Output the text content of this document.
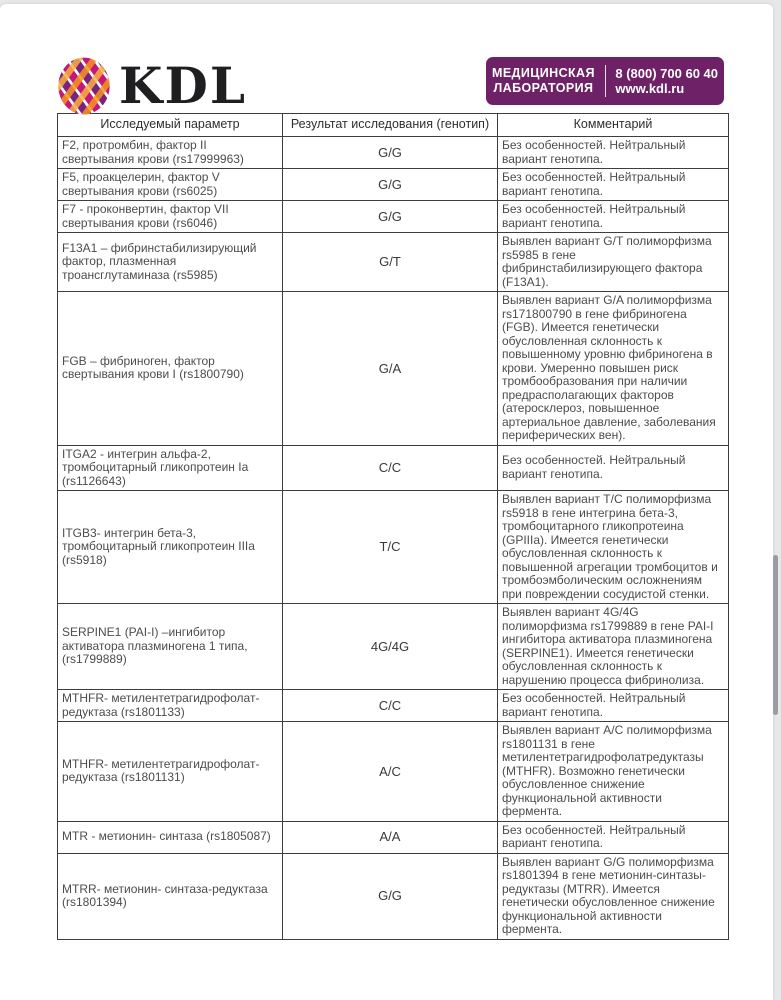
KDL	МЕДИЦИНСКАЯ
ЛАБОРАТОРИЯ
8 (800) 700 60 40
www.kdl.ru
Исследуемый параметр	Результат исследования (генотип)	Комментарий
F2, протромбин, фактор II свертывания крови (rs17999963)	G/G	Без особенностей. Нейтральный вариант генотипа.
F5, проакцелерин, фактор V свертывания крови (rs6025)	G/G	Без особенностей. Нейтральный вариант генотипа.
F7 - проконвертин, фактор VII свертывания крови (rs6046)	G/G	Без особенностей. Нейтральный вариант генотипа.
F13A1 – фибринстабилизирующий фактор, плазменная троансглутаминаза (rs5985)	G/T	Выявлен вариант G/T полиморфизма rs5985 в гене фибринстабилизирующего фактора (F13A1).
FGB – фибриноген, фактор свертывания крови I (rs1800790)	G/A	Выявлен вариант G/A полиморфизма rs171800790 в гене фибриногена (FGB). Имеется генетически обусловленная склонность к повышенному уровню фибриногена в крови. Умеренно повышен риск тромбообразования при наличии предрасполагающих факторов (атеросклероз, повышенное артериальное давление, заболевания периферических вен).
ITGA2 - интегрин альфа-2, тромбоцитарный гликопротеин Ia (rs1126643)	C/C	Без особенностей. Нейтральный вариант генотипа.
ITGB3- интегрин бета-3, тромбоцитарный гликопротеин IIIa (rs5918)	T/C	Выявлен вариант T/C полиморфизма rs5918 в гене интегрина бета-3, тромбоцитарного гликопротеина (GPIIIa). Имеется генетически обусловленная склонность к повышенной агрегации тромбоцитов и тромбоэмболическим осложнениям при повреждении сосудистой стенки.
SERPINE1 (PAI-I) –ингибитор активатора плазминогена 1 типа, (rs1799889)	4G/4G	Выявлен вариант 4G/4G полиморфизма rs1799889 в гене PAI-I ингибитора активатора плазминогена (SERPINE1). Имеется генетически обусловленная склонность к нарушению процесса фибринолиза.
MTHFR- метилентетрагидрофолат-редуктаза (rs1801133)	C/C	Без особенностей. Нейтральный вариант генотипа.
MTHFR- метилентетрагидрофолат-редуктаза (rs1801131)	A/C	Выявлен вариант A/C полиморфизма rs1801131 в гене метилентетрагидрофолатредуктазы (MTHFR). Возможно генетически обусловленное снижение функциональной активности фермента.
MTR - метионин- синтаза (rs1805087)	A/A	Без особенностей. Нейтральный вариант генотипа.
MTRR- метионин- синтаза-редуктаза (rs1801394)	G/G	Выявлен вариант G/G полиморфизма rs1801394 в гене метионин-синтазы-редуктазы (MTRR). Имеется генетически обусловленное снижение функциональной активности фермента.
